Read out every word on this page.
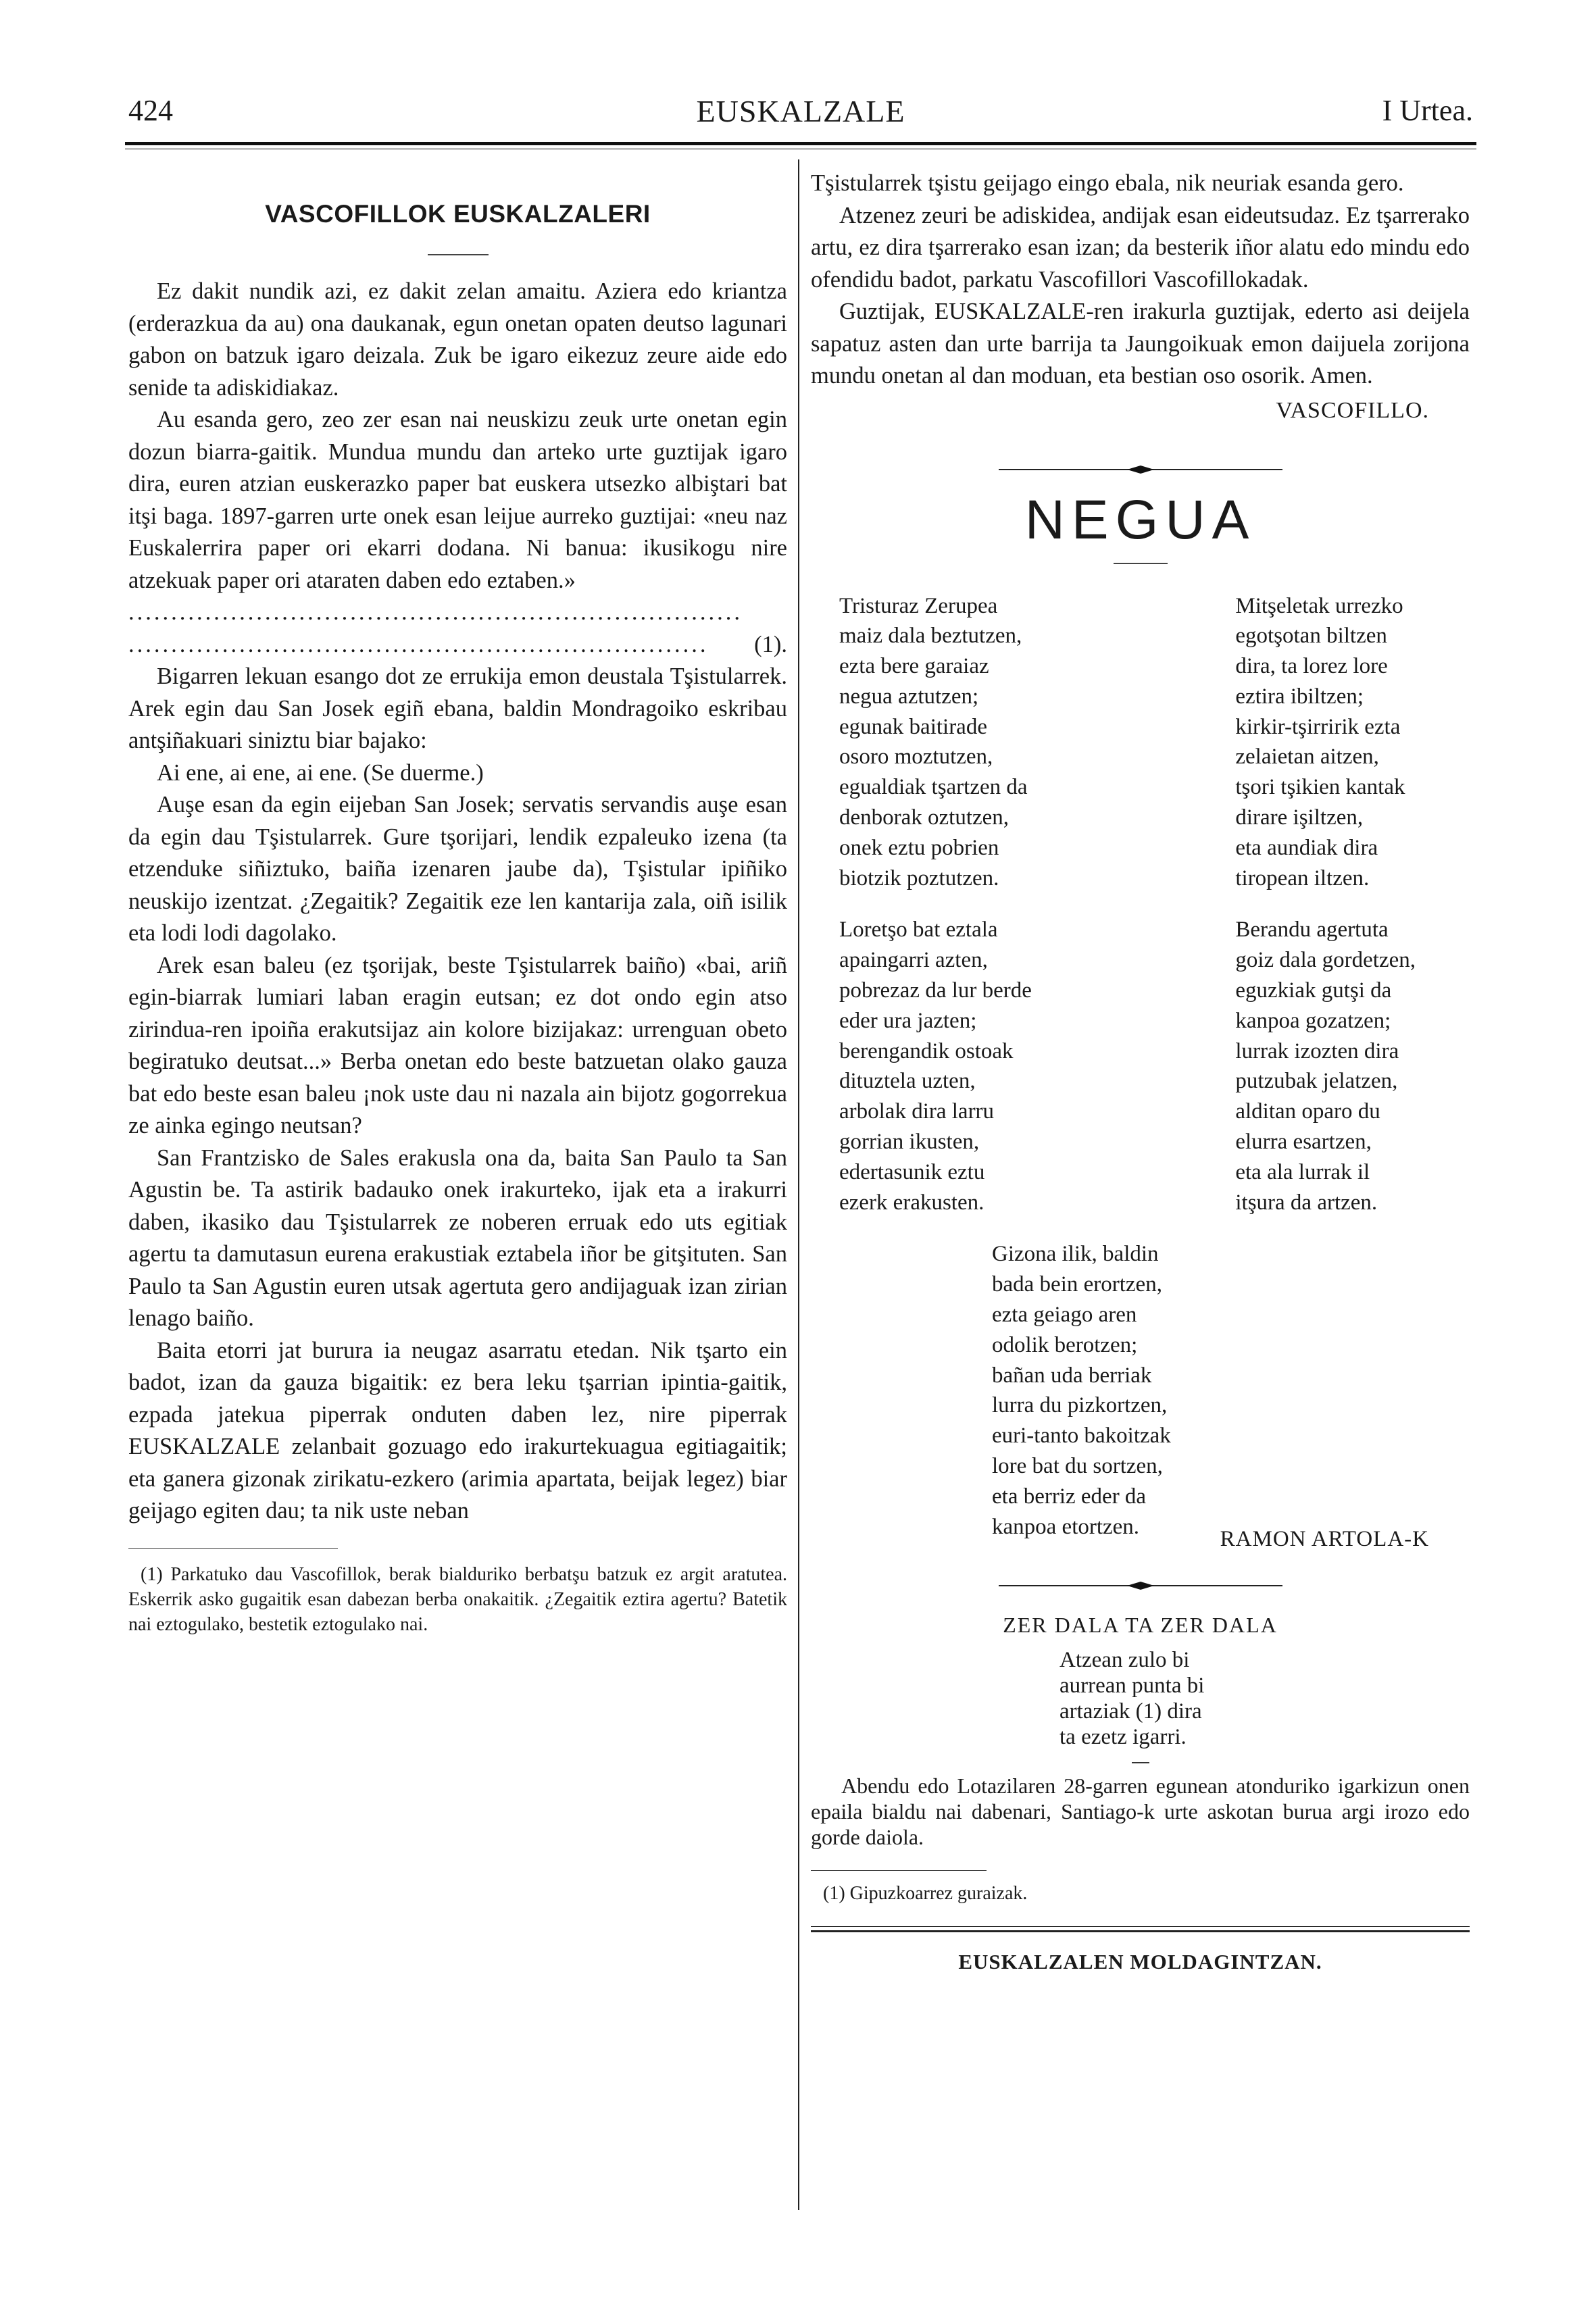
424	EUSKALZALE	I Urtea.
VASCOFILLOK EUSKALZALERI

Ez dakit nundik azi, ez dakit zelan amaitu. Aziera edo kriantza (erderazkua da au) ona daukanak, egun onetan opaten deutso lagunari gabon on batzuk igaro deizala. Zuk be igaro eikezuz zeure aide edo senide ta adiskidiakaz.

Au esanda gero, zeo zer esan nai neuskizu zeuk urte onetan egin dozun biarra-gaitik. Mundua mundu dan arteko urte guztijak igaro dira, euren atzian euskerazko paper bat euskera utsezko albiştari bat itşi baga. 1897-garren urte onek esan leijue aurreko guztijai: «neu naz Euskalerrira paper ori ekarri dodana. Ni banua: ikusikogu nire atzekuak paper ori ataraten daben edo eztaben.»

........................................................................
....................................................................	(1).

Bigarren lekuan esango dot ze errukija emon deustala Tşistularrek. Arek egin dau San Josek egiñ ebana, baldin Mondragoiko eskribau antşiñakuari siniztu biar bajako:

Ai ene, ai ene, ai ene. (Se duerme.)

Auşe esan da egin eijeban San Josek; servatis servandis auşe esan da egin dau Tşistularrek. Gure tşorijari, lendik ezpaleuko izena (ta etzenduke siñiztuko, baiña izenaren jaube da), Tşistular ipiñiko neuskijo izentzat. ¿Zegaitik? Zegaitik eze len kantarija zala, oiñ isilik eta lodi lodi dagolako.

Arek esan baleu (ez tşorijak, beste Tşistularrek baiño) «bai, ariñ egin-biarrak lumiari laban eragin eutsan; ez dot ondo egin atso zirindua-ren ipoiña erakutsijaz ain kolore bizijakaz: urrenguan obeto begiratuko deutsat...» Berba onetan edo beste batzuetan olako gauza bat edo beste esan baleu ¡nok uste dau ni nazala ain bijotz gogorrekua ze ainka egingo neutsan?

San Frantzisko de Sales erakusla ona da, baita San Paulo ta San Agustin be. Ta astirik badauko onek irakurteko, ijak eta a irakurri daben, ikasiko dau Tşistularrek ze noberen erruak edo uts egitiak agertu ta damutasun eurena erakustiak eztabela iñor be gitşituten. San Paulo ta San Agustin euren utsak agertuta gero andijaguak izan zirian lenago baiño.

Baita etorri jat burura ia neugaz asarratu etedan. Nik tşarto ein badot, izan da gauza bigaitik: ez bera leku tşarrian ipintia-gaitik, ezpada jatekua piperrak onduten daben lez, nire piperrak EUSKALZALE zelanbait gozuago edo irakurtekuagua egitiagaitik; eta ganera gizonak zirikatu-ezkero (arimia apartata, beijak legez) biar geijago egiten dau; ta nik uste neban

(1) Parkatuko dau Vascofillok, berak bialduriko berbatşu batzuk ez argit aratutea. Eskerrik asko gugaitik esan dabezan berba onakaitik. ¿Zegaitik eztira agertu? Batetik nai eztogulako, bestetik eztogulako nai.

Tşistularrek tşistu geijago eingo ebala, nik neuriak esanda gero.

Atzenez zeuri be adiskidea, andijak esan eideutsudaz. Ez tşarrerako artu, ez dira tşarrerako esan izan; da besterik iñor alatu edo mindu edo ofendidu badot, parkatu Vascofillori Vascofillokadak.

Guztijak, EUSKALZALE-ren irakurla guztijak, ederto asi deijela sapatuz asten dan urte barrija ta Jaungoikuak emon daijuela zorijona mundu onetan al dan moduan, eta bestian oso osorik. Amen.

VASCOFILLO.
NEGUA
Tristuraz Zerupea
maiz dala beztutzen,
ezta bere garaiaz
negua aztutzen;
egunak baitirade
osoro moztutzen,
egualdiak tşartzen da
denborak oztutzen,
onek eztu pobrien
biotzik poztutzen.
Loretşo bat eztala
apaingarri azten,
pobrezaz da lur berde
eder ura jazten;
berengandik ostoak
dituztela uzten,
arbolak dira larru
gorrian ikusten,
edertasunik eztu
ezerk erakusten.
Mitşeletak urrezko
egotşotan biltzen
dira, ta lorez lore
eztira ibiltzen;
kirkir-tşirririk ezta
zelaietan aitzen,
tşori tşikien kantak
dirare işiltzen,
eta aundiak dira
tiropean iltzen.
Berandu agertuta
goiz dala gordetzen,
eguzkiak gutşi da
kanpoa gozatzen;
lurrak izozten dira
putzubak jelatzen,
alditan oparo du
elurra esartzen,
eta ala lurrak il
itşura da artzen.
Gizona ilik, baldin
bada bein erortzen,
ezta geiago aren
odolik berotzen;
bañan uda berriak
lurra du pizkortzen,
euri-tanto bakoitzak
lore bat du sortzen,
eta berriz eder da
kanpoa etortzen.
RAMON ARTOLA-K
ZER DALA TA ZER DALA
Atzean zulo bi
aurrean punta bi
artaziak (1) dira
ta ezetz igarri.

Abendu edo Lotazilaren 28-garren egunean atonduriko igarkizun onen epaila bialdu nai dabenari, Santiago-k urte askotan burua argi irozo edo gorde daiola.

(1) Gipuzkoarrez guraizak.

EUSKALZALEN MOLDAGINTZAN.
